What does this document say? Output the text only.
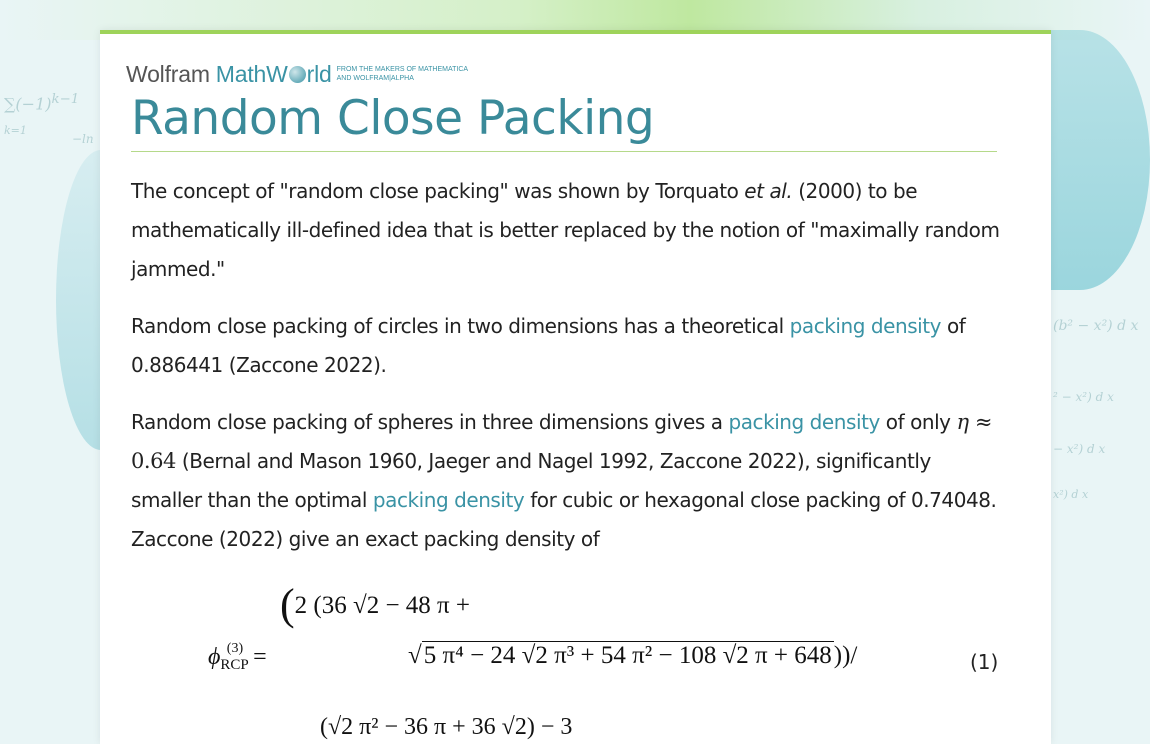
$\sum(-1)^{k-1}$
k=1
−ln
(b² − x²) d x
² − x²) d x
− x²) d x
x²) d x
Wolfram MathW rld FROM THE MAKERS OF MATHEMATICA
AND WOLFRAM|ALPHA
Random Close Packing

The concept of "random close packing" was shown by Torquato et al. (2000) to be mathematically ill-defined idea that is better replaced by the notion of "maximally random jammed."

Random close packing of circles in two dimensions has a theoretical packing density of 0.886441 (Zaccone 2022).

Random close packing of spheres in three dimensions gives a packing density of only η ≈ 0.64 (Bernal and Mason 1960, Jaeger and Nagel 1992, Zaccone 2022), significantly smaller than the optimal packing density for cubic or hexagonal close packing of 0.74048. Zaccone (2022) give an exact packing density of

(2 (36 √2 − 48 π +
$\phi_{RCP}^{(3)}$ =	√5 π⁴ − 24 √2 π³ + 54 π² − 108 √2 π + 648))/
(√2 π² − 36 π + 36 √2) − 3
(1)
